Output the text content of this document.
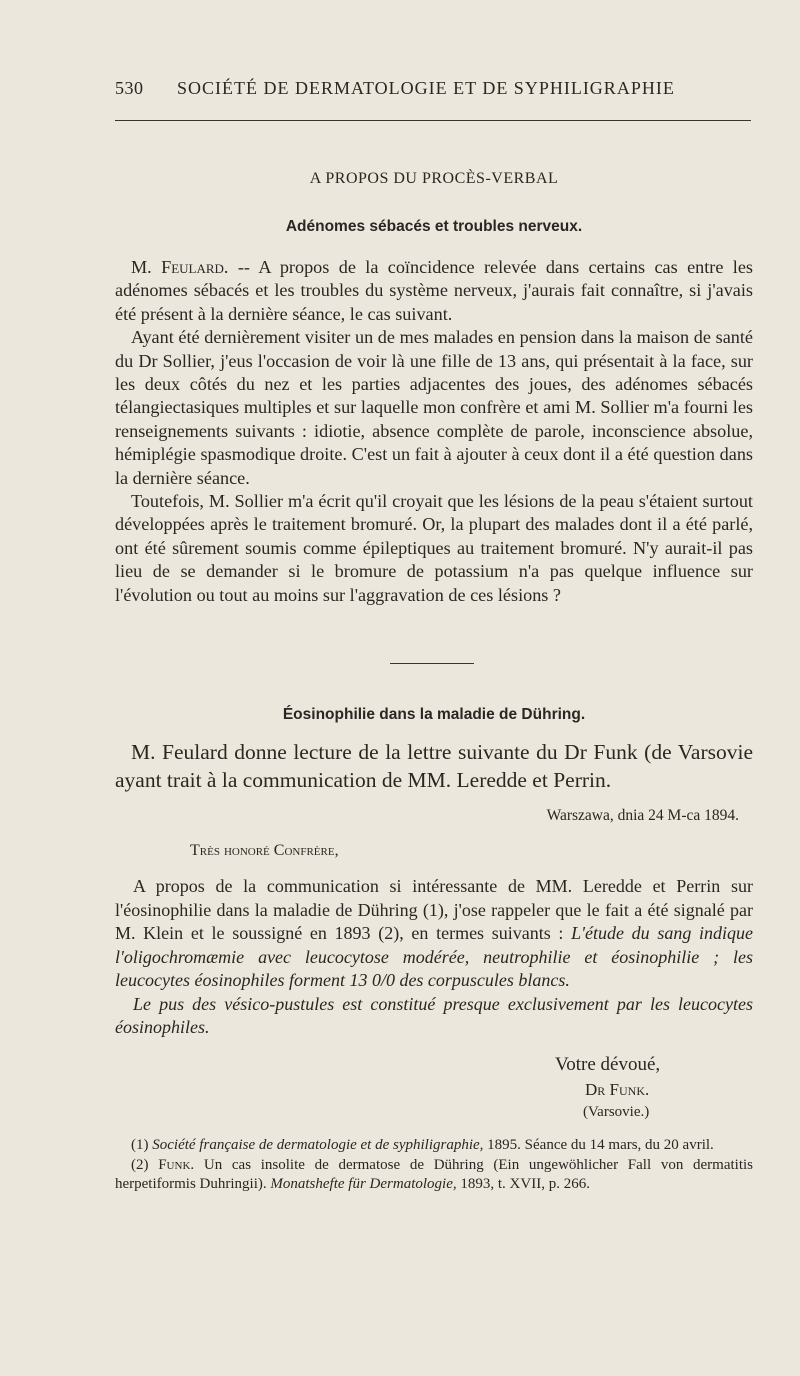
530 SOCIÉTÉ DE DERMATOLOGIE ET DE SYPHILIGRAPHIE
A PROPOS DU PROCÈS-VERBAL
Adénomes sébacés et troubles nerveux.

M. Feulard. -- A propos de la coïncidence relevée dans certains cas entre les adénomes sébacés et les troubles du système nerveux, j'aurais fait connaître, si j'avais été présent à la dernière séance, le cas suivant.

Ayant été dernièrement visiter un de mes malades en pension dans la maison de santé du Dr Sollier, j'eus l'occasion de voir là une fille de 13 ans, qui présentait à la face, sur les deux côtés du nez et les parties adjacentes des joues, des adénomes sébacés télangiectasiques multiples et sur laquelle mon confrère et ami M. Sollier m'a fourni les renseignements suivants : idiotie, absence complète de parole, inconscience absolue, hémiplégie spasmodique droite. C'est un fait à ajouter à ceux dont il a été question dans la dernière séance.

Toutefois, M. Sollier m'a écrit qu'il croyait que les lésions de la peau s'étaient surtout développées après le traitement bromuré. Or, la plupart des malades dont il a été parlé, ont été sûrement soumis comme épileptiques au traitement bromuré. N'y aurait-il pas lieu de se demander si le bromure de potassium n'a pas quelque influence sur l'évolution ou tout au moins sur l'aggravation de ces lésions ?

Éosinophilie dans la maladie de Dühring.
M. Feulard donne lecture de la lettre suivante du Dr Funk (de Varsovie ayant trait à la communication de MM. Leredde et Perrin.
Warszawa, dnia 24 M-ca 1894.
Très honoré Confrère,

A propos de la communication si intéressante de MM. Leredde et Perrin sur l'éosinophilie dans la maladie de Dühring (1), j'ose rappeler que le fait a été signalé par M. Klein et le soussigné en 1893 (2), en termes suivants : L'étude du sang indique l'oligochromæmie avec leucocytose modérée, neutrophilie et éosinophilie ; les leucocytes éosinophiles forment 13 0/0 des corpuscules blancs.

Le pus des vésico-pustules est constitué presque exclusivement par les leucocytes éosinophiles.

Votre dévoué,
Dr Funk.
(Varsovie.)

(1) Société française de dermatologie et de syphiligraphie, 1895. Séance du 14 mars, du 20 avril.

(2) Funk. Un cas insolite de dermatose de Dühring (Ein ungewöhlicher Fall von dermatitis herpetiformis Duhringii). Monatshefte für Dermatologie, 1893, t. XVII, p. 266.
